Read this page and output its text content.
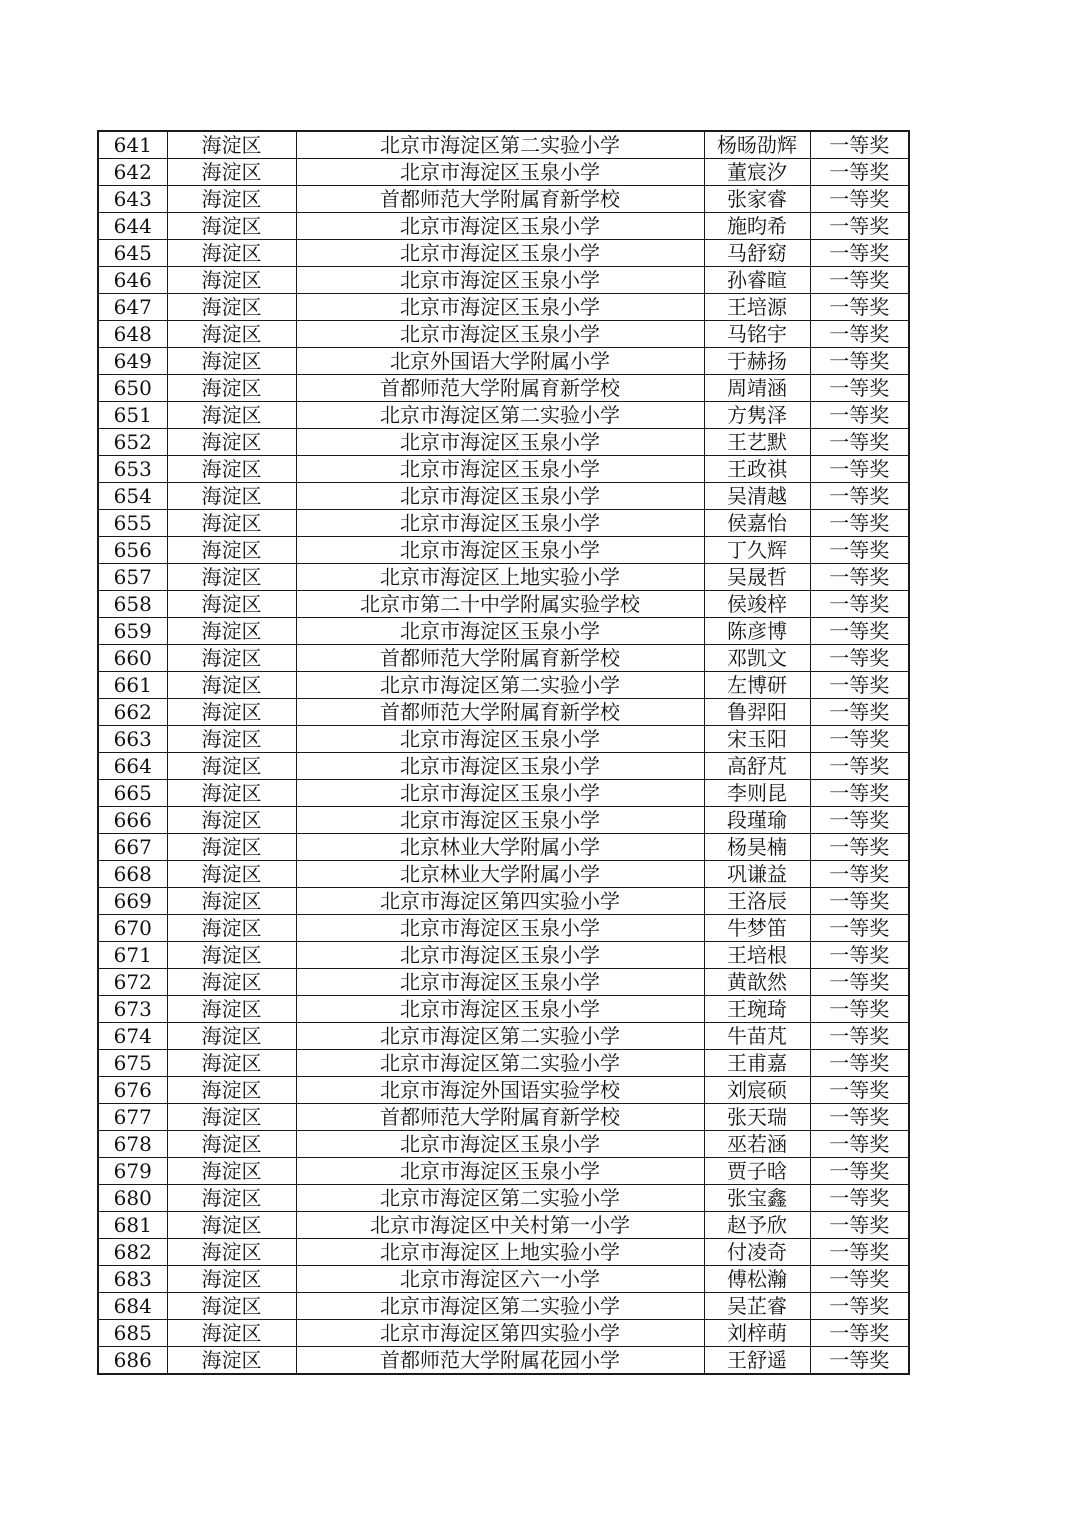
641	海淀区	北京市海淀区第二实验小学	杨旸劭辉	一等奖
642	海淀区	北京市海淀区玉泉小学	董宸汐	一等奖
643	海淀区	首都师范大学附属育新学校	张家睿	一等奖
644	海淀区	北京市海淀区玉泉小学	施昀希	一等奖
645	海淀区	北京市海淀区玉泉小学	马舒窈	一等奖
646	海淀区	北京市海淀区玉泉小学	孙睿暄	一等奖
647	海淀区	北京市海淀区玉泉小学	王培源	一等奖
648	海淀区	北京市海淀区玉泉小学	马铭宇	一等奖
649	海淀区	北京外国语大学附属小学	于赫扬	一等奖
650	海淀区	首都师范大学附属育新学校	周靖涵	一等奖
651	海淀区	北京市海淀区第二实验小学	方隽泽	一等奖
652	海淀区	北京市海淀区玉泉小学	王艺默	一等奖
653	海淀区	北京市海淀区玉泉小学	王政祺	一等奖
654	海淀区	北京市海淀区玉泉小学	吴清越	一等奖
655	海淀区	北京市海淀区玉泉小学	侯嘉怡	一等奖
656	海淀区	北京市海淀区玉泉小学	丁久辉	一等奖
657	海淀区	北京市海淀区上地实验小学	吴晟哲	一等奖
658	海淀区	北京市第二十中学附属实验学校	侯竣梓	一等奖
659	海淀区	北京市海淀区玉泉小学	陈彦博	一等奖
660	海淀区	首都师范大学附属育新学校	邓凯文	一等奖
661	海淀区	北京市海淀区第二实验小学	左博研	一等奖
662	海淀区	首都师范大学附属育新学校	鲁羿阳	一等奖
663	海淀区	北京市海淀区玉泉小学	宋玉阳	一等奖
664	海淀区	北京市海淀区玉泉小学	高舒芃	一等奖
665	海淀区	北京市海淀区玉泉小学	李则昆	一等奖
666	海淀区	北京市海淀区玉泉小学	段瑾瑜	一等奖
667	海淀区	北京林业大学附属小学	杨昊楠	一等奖
668	海淀区	北京林业大学附属小学	巩谦益	一等奖
669	海淀区	北京市海淀区第四实验小学	王洛辰	一等奖
670	海淀区	北京市海淀区玉泉小学	牛梦笛	一等奖
671	海淀区	北京市海淀区玉泉小学	王培根	一等奖
672	海淀区	北京市海淀区玉泉小学	黄歆然	一等奖
673	海淀区	北京市海淀区玉泉小学	王琬琦	一等奖
674	海淀区	北京市海淀区第二实验小学	牛苗芃	一等奖
675	海淀区	北京市海淀区第二实验小学	王甫嘉	一等奖
676	海淀区	北京市海淀外国语实验学校	刘宸硕	一等奖
677	海淀区	首都师范大学附属育新学校	张天瑞	一等奖
678	海淀区	北京市海淀区玉泉小学	巫若涵	一等奖
679	海淀区	北京市海淀区玉泉小学	贾子晗	一等奖
680	海淀区	北京市海淀区第二实验小学	张宝鑫	一等奖
681	海淀区	北京市海淀区中关村第一小学	赵予欣	一等奖
682	海淀区	北京市海淀区上地实验小学	付凌奇	一等奖
683	海淀区	北京市海淀区六一小学	傅松瀚	一等奖
684	海淀区	北京市海淀区第二实验小学	吴芷睿	一等奖
685	海淀区	北京市海淀区第四实验小学	刘梓萌	一等奖
686	海淀区	首都师范大学附属花园小学	王舒遥	一等奖
